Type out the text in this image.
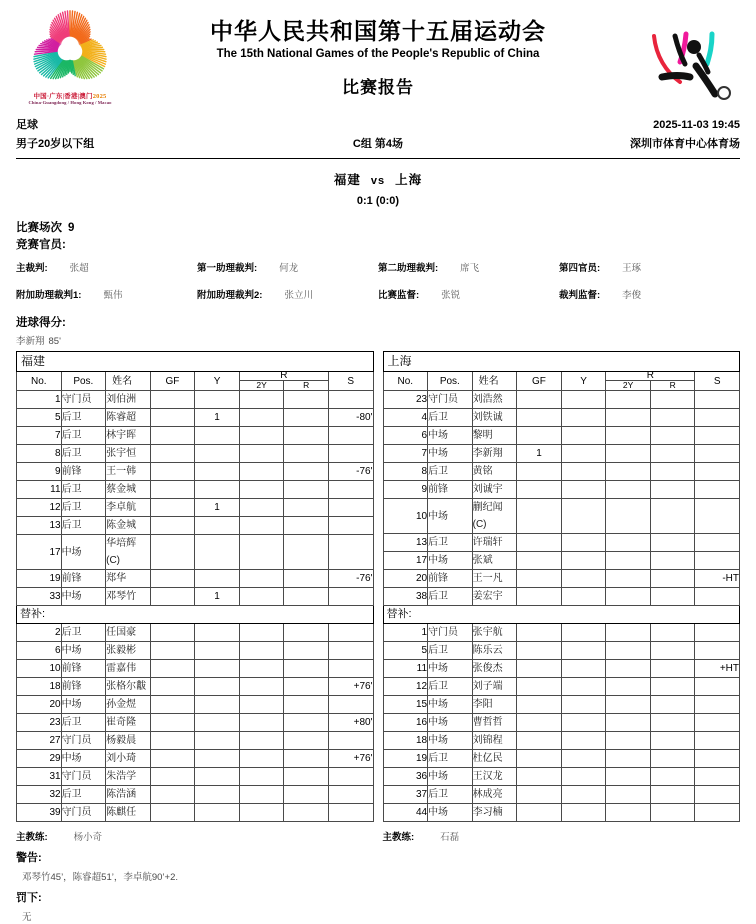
中国·广东|香港|澳门2025
China·Guangdong / Hong Kong / Macao
中华人民共和国第十五届运动会
The 15th National Games of the People's Republic of China
比赛报告
足球	2025-11-03 19:45
男子20岁以下组	C组 第4场	深圳市体育中心体育场
福建 vs 上海
0:1 (0:0)
比赛场次 9
竞赛官员:
主裁判: 张超	第一助理裁判: 何龙	第二助理裁判: 席飞	第四官员: 王琢
附加助理裁判1: 甄伟	附加助理裁判2: 张立川	比赛监督: 张锐	裁判监督: 李俊
进球得分:
李新翔 85'
福建							
No.	Pos.	姓名	GF	Y	R		S
					2Y	R	
1	守门员	刘伯洲					
5	后卫	陈睿超		1			-80'
7	后卫	林宇晖					
8	后卫	张宇恒					
9	前锋	王一韩					-76'
11	后卫	蔡金城					
12	后卫	李卓航		1			
13	后卫	陈金城					
17	中场	华培辉 (C)					
19	前锋	郑华					-76'
33	中场	邓琴竹		1			
替补:							
2	后卫	任国豪					
6	中场	张毅彬					
10	前锋	雷嘉伟					
18	前锋	张格尔黻					+76'
20	中场	孙金煜					
23	后卫	崔奇隆					+80'
27	守门员	杨毅晨					
29	中场	刘小琦					+76'
31	守门员	朱浩学					
32	后卫	陈浩涵					
39	守门员	陈麒任					
上海							
No.	Pos.	姓名	GF	Y	R		S
					2Y	R	
23	守门员	刘浩然					
4	后卫	刘铁诚					
6	中场	黎明					
7	中场	李新翔	1				
8	后卫	黄铭					
9	前锋	刘诚宇					
10	中场	蒯纪闻 (C)					
13	后卫	许瑞轩					
17	中场	张斌					
20	前锋	王一凡					-HT
38	后卫	姜宏宇					
替补:							
1	守门员	张宇航					
5	后卫	陈乐云					
11	中场	张俊杰					+HT
12	后卫	刘子端					
15	中场	李阳					
16	中场	曹哲哲					
18	中场	刘锦程					
19	后卫	杜亿民					
36	中场	王汉龙					
37	后卫	林成亮					
44	中场	李习楠					
主教练:	杨小奇	主教练:	石磊
警告:
邓琴竹45’，陈睿超51’，李卓航90’+2.
罚下:
无
